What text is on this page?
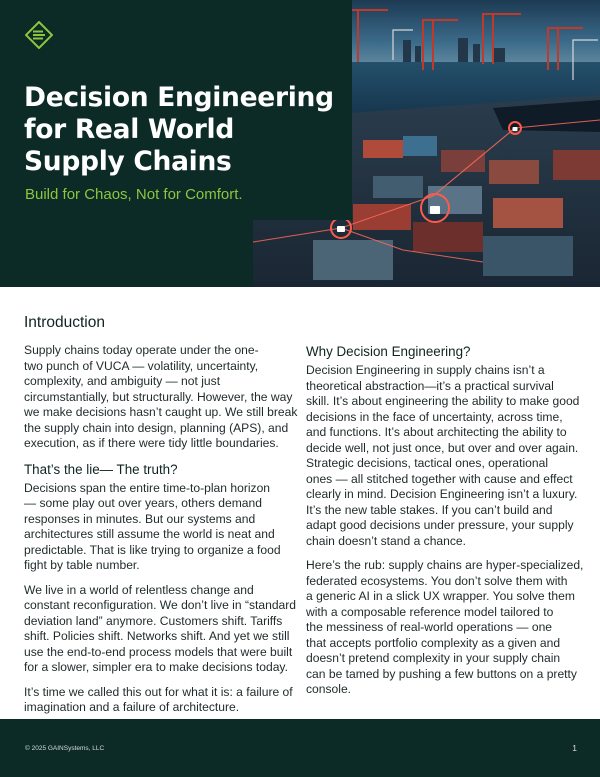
Decision Engineering
for Real World
Supply Chains
Build for Chaos, Not for Comfort.
Introduction

Supply chains today operate under the one-
two punch of VUCA — volatility, uncertainty,
complexity, and ambiguity — not just
circumstantially, but structurally. However, the way
we make decisions hasn’t caught up. We still break
the supply chain into design, planning (APS), and
execution, as if there were tidy little boundaries.

That’s the lie— The truth?

Decisions span the entire time-to-plan horizon
— some play out over years, others demand
responses in minutes. But our systems and
architectures still assume the world is neat and
predictable. That is like trying to organize a food
fight by table number.

We live in a world of relentless change and
constant reconfiguration. We don’t live in “standard
deviation land” anymore. Customers shift. Tariffs
shift. Policies shift. Networks shift. And yet we still
use the end-to-end process models that were built
for a slower, simpler era to make decisions today.

It’s time we called this out for what it is: a failure of
imagination and a failure of architecture.

Why Decision Engineering?

Decision Engineering in supply chains isn’t a
theoretical abstraction—it’s a practical survival
skill. It’s about engineering the ability to make good
decisions in the face of uncertainty, across time,
and functions. It’s about architecting the ability to
decide well, not just once, but over and over again.
Strategic decisions, tactical ones, operational
ones — all stitched together with cause and effect
clearly in mind. Decision Engineering isn’t a luxury.
It’s the new table stakes. If you can’t build and
adapt good decisions under pressure, your supply
chain doesn’t stand a chance.

Here’s the rub: supply chains are hyper-specialized,
federated ecosystems. You don’t solve them with
a generic AI in a slick UX wrapper. You solve them
with a composable reference model tailored to
the messiness of real-world operations — one
that accepts portfolio complexity as a given and
doesn’t pretend complexity in your supply chain
can be tamed by pushing a few buttons on a pretty
console.

© 2025 GAINSystems, LLC	1
